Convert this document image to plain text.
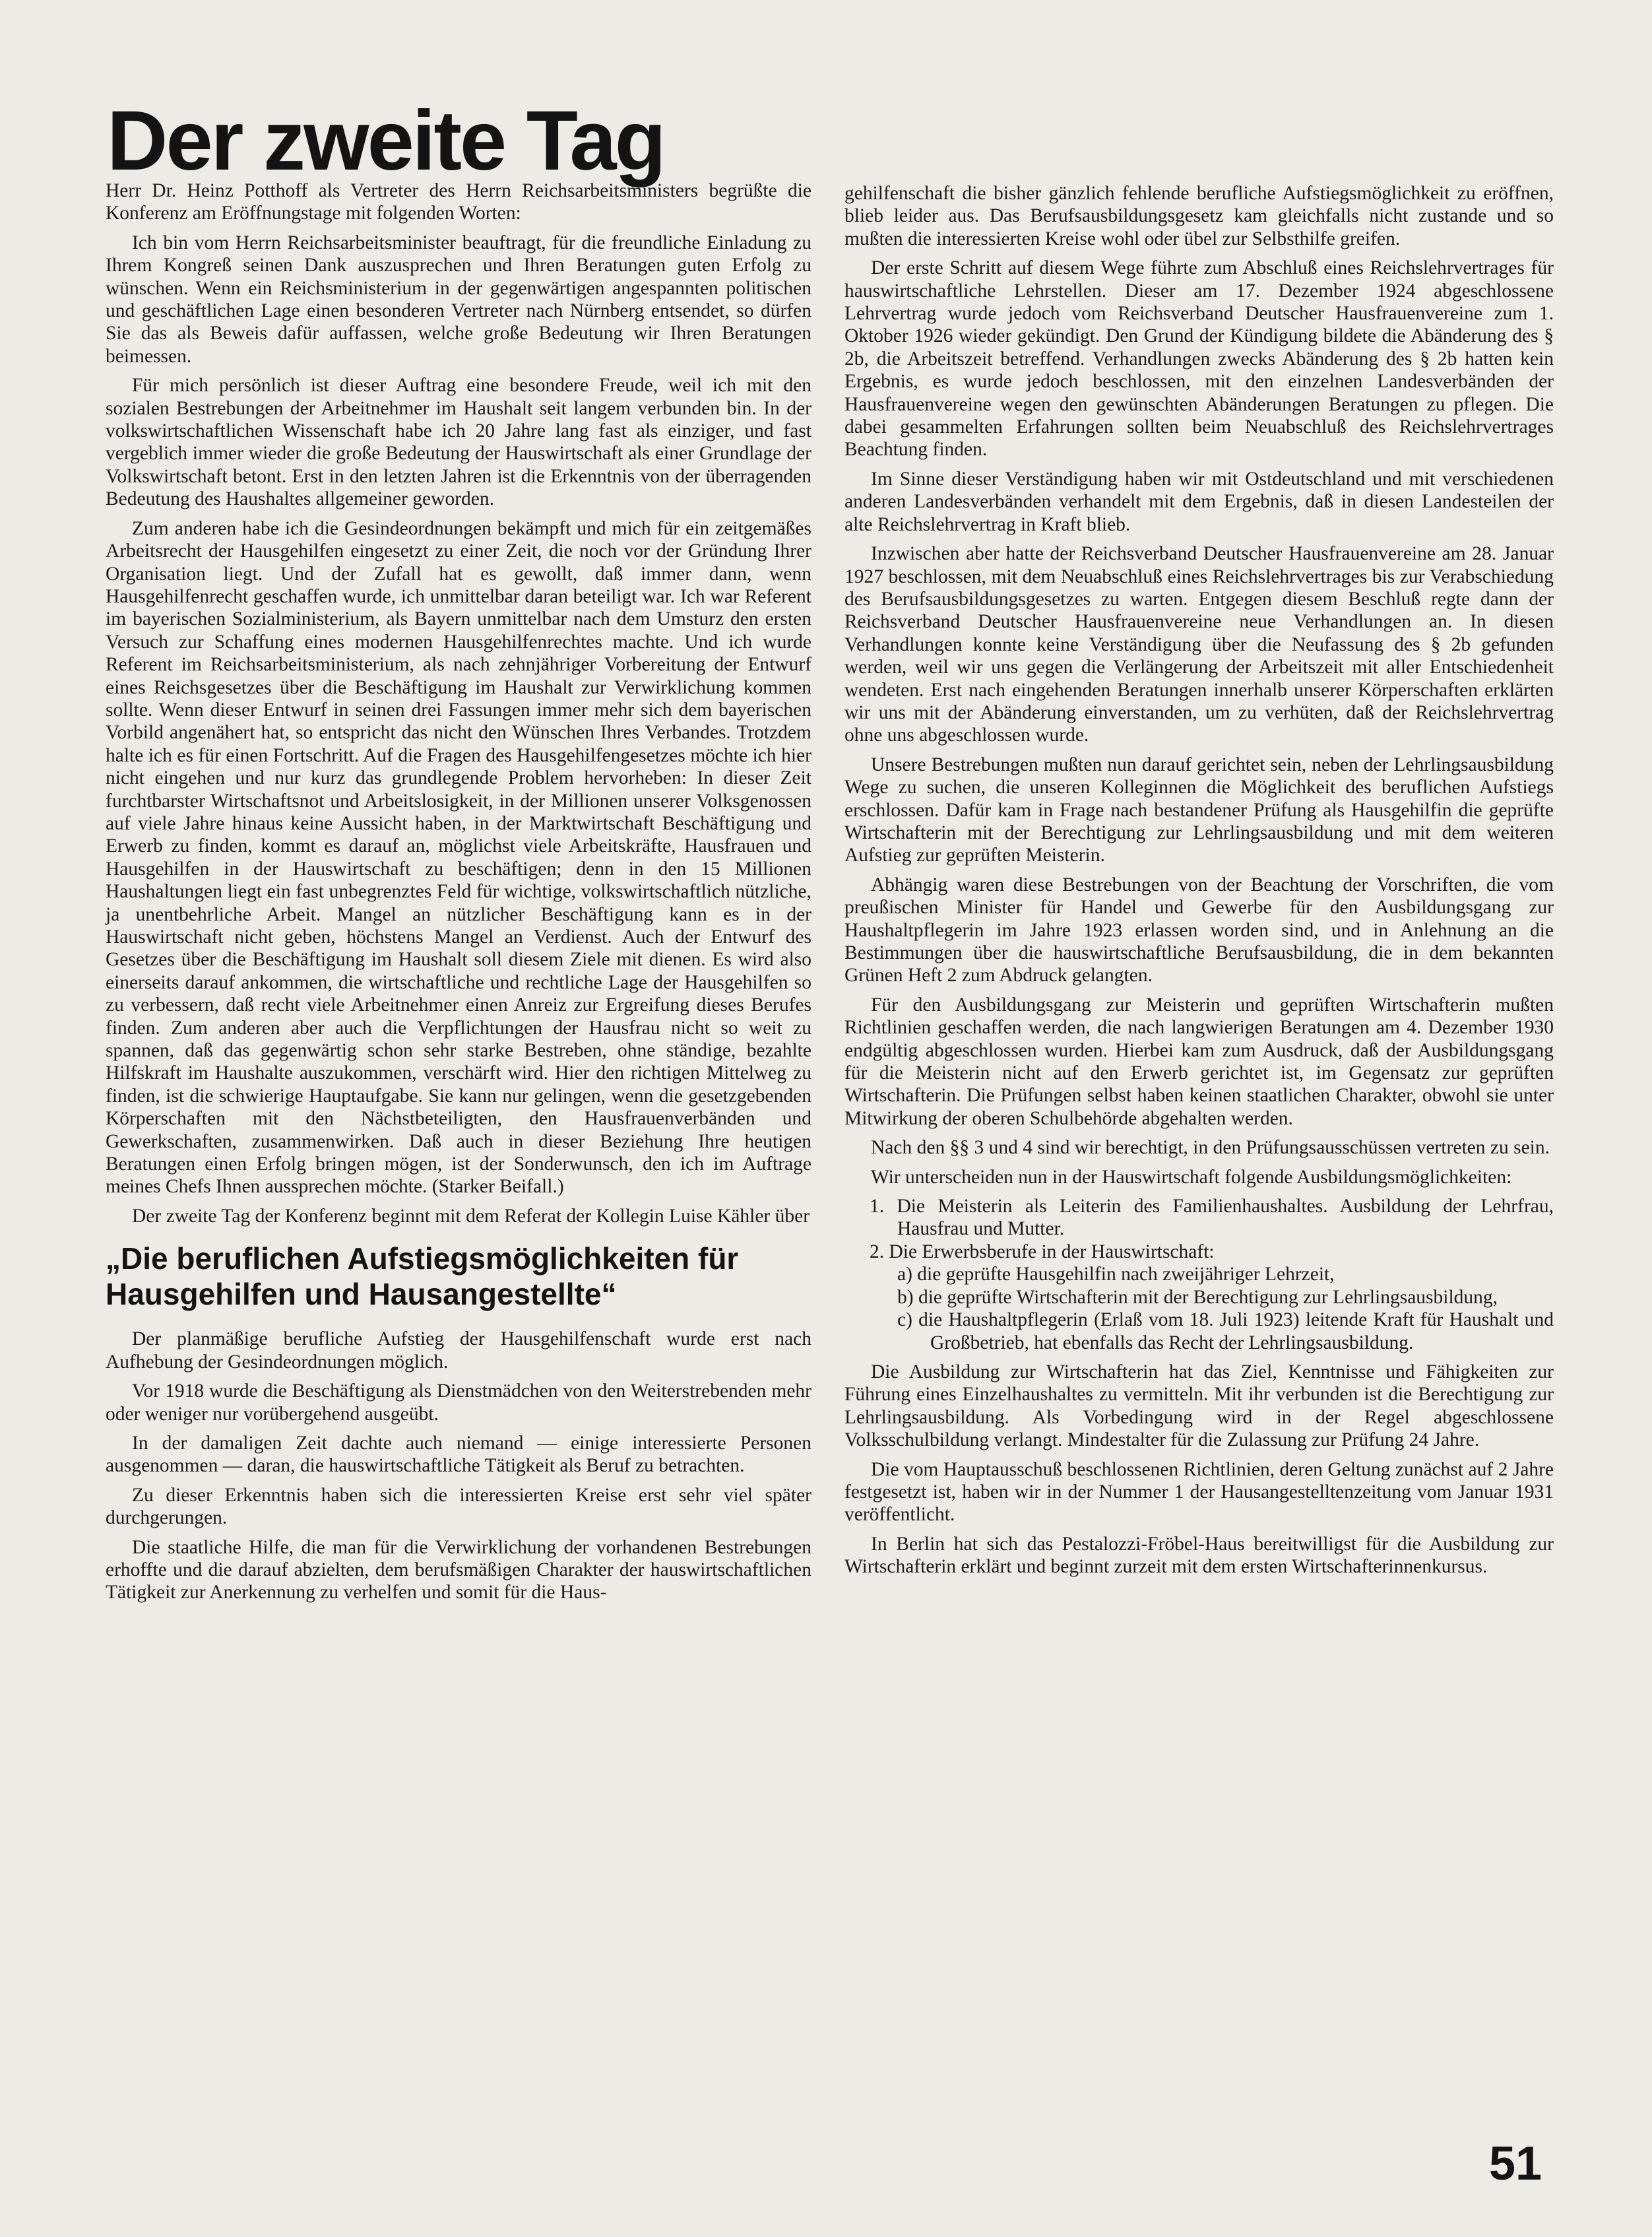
Der zweite Tag

Herr Dr. Heinz Potthoff als Vertreter des Herrn Reichsarbeitsministers begrüßte die Konferenz am Eröffnungstage mit folgenden Worten:

Ich bin vom Herrn Reichsarbeitsminister beauftragt, für die freundliche Einladung zu Ihrem Kongreß seinen Dank auszusprechen und Ihren Beratungen guten Erfolg zu wünschen. Wenn ein Reichsministerium in der gegenwärtigen angespannten politischen und geschäftlichen Lage einen besonderen Vertreter nach Nürnberg entsendet, so dürfen Sie das als Beweis dafür auffassen, welche große Bedeutung wir Ihren Beratungen beimessen.

Für mich persönlich ist dieser Auftrag eine besondere Freude, weil ich mit den sozialen Bestrebungen der Arbeitnehmer im Haushalt seit langem verbunden bin. In der volkswirtschaftlichen Wissenschaft habe ich 20 Jahre lang fast als einziger, und fast vergeblich immer wieder die große Bedeutung der Hauswirtschaft als einer Grundlage der Volkswirtschaft betont. Erst in den letzten Jahren ist die Erkenntnis von der überragenden Bedeutung des Haushaltes allgemeiner geworden.

Zum anderen habe ich die Gesindeordnungen bekämpft und mich für ein zeitgemäßes Arbeitsrecht der Hausgehilfen eingesetzt zu einer Zeit, die noch vor der Gründung Ihrer Organisation liegt. Und der Zufall hat es gewollt, daß immer dann, wenn Hausgehilfenrecht geschaffen wurde, ich unmittelbar daran beteiligt war. Ich war Referent im bayerischen Sozialministerium, als Bayern unmittelbar nach dem Umsturz den ersten Versuch zur Schaffung eines modernen Hausgehilfenrechtes machte. Und ich wurde Referent im Reichsarbeitsministerium, als nach zehnjähriger Vorbereitung der Entwurf eines Reichsgesetzes über die Beschäftigung im Haushalt zur Verwirklichung kommen sollte. Wenn dieser Entwurf in seinen drei Fassungen immer mehr sich dem bayerischen Vorbild angenähert hat, so entspricht das nicht den Wünschen Ihres Verbandes. Trotzdem halte ich es für einen Fortschritt. Auf die Fragen des Hausgehilfengesetzes möchte ich hier nicht eingehen und nur kurz das grundlegende Problem hervorheben: In dieser Zeit furchtbarster Wirtschaftsnot und Arbeitslosigkeit, in der Millionen unserer Volksgenossen auf viele Jahre hinaus keine Aussicht haben, in der Marktwirtschaft Beschäftigung und Erwerb zu finden, kommt es darauf an, möglichst viele Arbeitskräfte, Hausfrauen und Hausgehilfen in der Hauswirtschaft zu beschäftigen; denn in den 15 Millionen Haushaltungen liegt ein fast unbegrenztes Feld für wichtige, volkswirtschaftlich nützliche, ja unentbehrliche Arbeit. Mangel an nützlicher Beschäftigung kann es in der Hauswirtschaft nicht geben, höchstens Mangel an Verdienst. Auch der Entwurf des Gesetzes über die Beschäftigung im Haushalt soll diesem Ziele mit dienen. Es wird also einerseits darauf ankommen, die wirtschaftliche und rechtliche Lage der Hausgehilfen so zu verbessern, daß recht viele Arbeitnehmer einen Anreiz zur Ergreifung dieses Berufes finden. Zum anderen aber auch die Verpflichtungen der Hausfrau nicht so weit zu spannen, daß das gegenwärtig schon sehr starke Bestreben, ohne ständige, bezahlte Hilfskraft im Haushalte auszukommen, verschärft wird. Hier den richtigen Mittelweg zu finden, ist die schwierige Hauptaufgabe. Sie kann nur gelingen, wenn die gesetzgebenden Körperschaften mit den Nächstbeteiligten, den Hausfrauenverbänden und Gewerkschaften, zusammenwirken. Daß auch in dieser Beziehung Ihre heutigen Beratungen einen Erfolg bringen mögen, ist der Sonderwunsch, den ich im Auftrage meines Chefs Ihnen aussprechen möchte. (Starker Beifall.)

Der zweite Tag der Konferenz beginnt mit dem Referat der Kollegin Luise Kähler über

„Die beruflichen Aufstiegsmöglichkeiten für Hausgehilfen und Hausangestellte“

Der planmäßige berufliche Aufstieg der Hausgehilfenschaft wurde erst nach Aufhebung der Gesindeordnungen möglich.

Vor 1918 wurde die Beschäftigung als Dienstmädchen von den Weiterstrebenden mehr oder weniger nur vorübergehend ausgeübt.

In der damaligen Zeit dachte auch niemand — einige interessierte Personen ausgenommen — daran, die hauswirtschaftliche Tätigkeit als Beruf zu betrachten.

Zu dieser Erkenntnis haben sich die interessierten Kreise erst sehr viel später durchgerungen.

Die staatliche Hilfe, die man für die Verwirklichung der vorhandenen Bestrebungen erhoffte und die darauf abzielten, dem berufsmäßigen Charakter der hauswirtschaftlichen Tätigkeit zur Anerkennung zu verhelfen und somit für die Haus-

gehilfenschaft die bisher gänzlich fehlende berufliche Aufstiegsmöglichkeit zu eröffnen, blieb leider aus. Das Berufsausbildungsgesetz kam gleichfalls nicht zustande und so mußten die interessierten Kreise wohl oder übel zur Selbsthilfe greifen.

Der erste Schritt auf diesem Wege führte zum Abschluß eines Reichslehrvertrages für hauswirtschaftliche Lehrstellen. Dieser am 17. Dezember 1924 abgeschlossene Lehrvertrag wurde jedoch vom Reichsverband Deutscher Hausfrauenvereine zum 1. Oktober 1926 wieder gekündigt. Den Grund der Kündigung bildete die Abänderung des § 2b, die Arbeitszeit betreffend. Verhandlungen zwecks Abänderung des § 2b hatten kein Ergebnis, es wurde jedoch beschlossen, mit den einzelnen Landesverbänden der Hausfrauenvereine wegen den gewünschten Abänderungen Beratungen zu pflegen. Die dabei gesammelten Erfahrungen sollten beim Neuabschluß des Reichslehrvertrages Beachtung finden.

Im Sinne dieser Verständigung haben wir mit Ostdeutschland und mit verschiedenen anderen Landesverbänden verhandelt mit dem Ergebnis, daß in diesen Landesteilen der alte Reichslehrvertrag in Kraft blieb.

Inzwischen aber hatte der Reichsverband Deutscher Hausfrauenvereine am 28. Januar 1927 beschlossen, mit dem Neuabschluß eines Reichslehrvertrages bis zur Verabschiedung des Berufsausbildungsgesetzes zu warten. Entgegen diesem Beschluß regte dann der Reichsverband Deutscher Hausfrauenvereine neue Verhandlungen an. In diesen Verhandlungen konnte keine Verständigung über die Neufassung des § 2b gefunden werden, weil wir uns gegen die Verlängerung der Arbeitszeit mit aller Entschiedenheit wendeten. Erst nach eingehenden Beratungen innerhalb unserer Körperschaften erklärten wir uns mit der Abänderung einverstanden, um zu verhüten, daß der Reichslehrvertrag ohne uns abgeschlossen wurde.

Unsere Bestrebungen mußten nun darauf gerichtet sein, neben der Lehrlingsausbildung Wege zu suchen, die unseren Kolleginnen die Möglichkeit des beruflichen Aufstiegs erschlossen. Dafür kam in Frage nach bestandener Prüfung als Hausgehilfin die geprüfte Wirtschafterin mit der Berechtigung zur Lehrlingsausbildung und mit dem weiteren Aufstieg zur geprüften Meisterin.

Abhängig waren diese Bestrebungen von der Beachtung der Vorschriften, die vom preußischen Minister für Handel und Gewerbe für den Ausbildungsgang zur Haushaltpflegerin im Jahre 1923 erlassen worden sind, und in Anlehnung an die Bestimmungen über die hauswirtschaftliche Berufsausbildung, die in dem bekannten Grünen Heft 2 zum Abdruck gelangten.

Für den Ausbildungsgang zur Meisterin und geprüften Wirtschafterin mußten Richtlinien geschaffen werden, die nach langwierigen Beratungen am 4. Dezember 1930 endgültig abgeschlossen wurden. Hierbei kam zum Ausdruck, daß der Ausbildungsgang für die Meisterin nicht auf den Erwerb gerichtet ist, im Gegensatz zur geprüften Wirtschafterin. Die Prüfungen selbst haben keinen staatlichen Charakter, obwohl sie unter Mitwirkung der oberen Schulbehörde abgehalten werden.

Nach den §§ 3 und 4 sind wir berechtigt, in den Prüfungsausschüssen vertreten zu sein.

Wir unterscheiden nun in der Hauswirtschaft folgende Ausbildungsmöglichkeiten:

1. Die Meisterin als Leiterin des Familienhaushaltes. Ausbildung der Lehrfrau, Hausfrau und Mutter.
2. Die Erwerbsberufe in der Hauswirtschaft:
a) die geprüfte Hausgehilfin nach zweijähriger Lehrzeit,
b) die geprüfte Wirtschafterin mit der Berechtigung zur Lehrlingsausbildung,
c) die Haushaltpflegerin (Erlaß vom 18. Juli 1923) leitende Kraft für Haushalt und Großbetrieb, hat ebenfalls das Recht der Lehrlingsausbildung.

Die Ausbildung zur Wirtschafterin hat das Ziel, Kenntnisse und Fähigkeiten zur Führung eines Einzelhaushaltes zu vermitteln. Mit ihr verbunden ist die Berechtigung zur Lehrlingsausbildung. Als Vorbedingung wird in der Regel abgeschlossene Volksschulbildung verlangt. Mindestalter für die Zulassung zur Prüfung 24 Jahre.

Die vom Hauptausschuß beschlossenen Richtlinien, deren Geltung zunächst auf 2 Jahre festgesetzt ist, haben wir in der Nummer 1 der Hausangestelltenzeitung vom Januar 1931 veröffentlicht.

In Berlin hat sich das Pestalozzi-Fröbel-Haus bereitwilligst für die Ausbildung zur Wirtschafterin erklärt und beginnt zurzeit mit dem ersten Wirtschafterinnenkursus.

51
